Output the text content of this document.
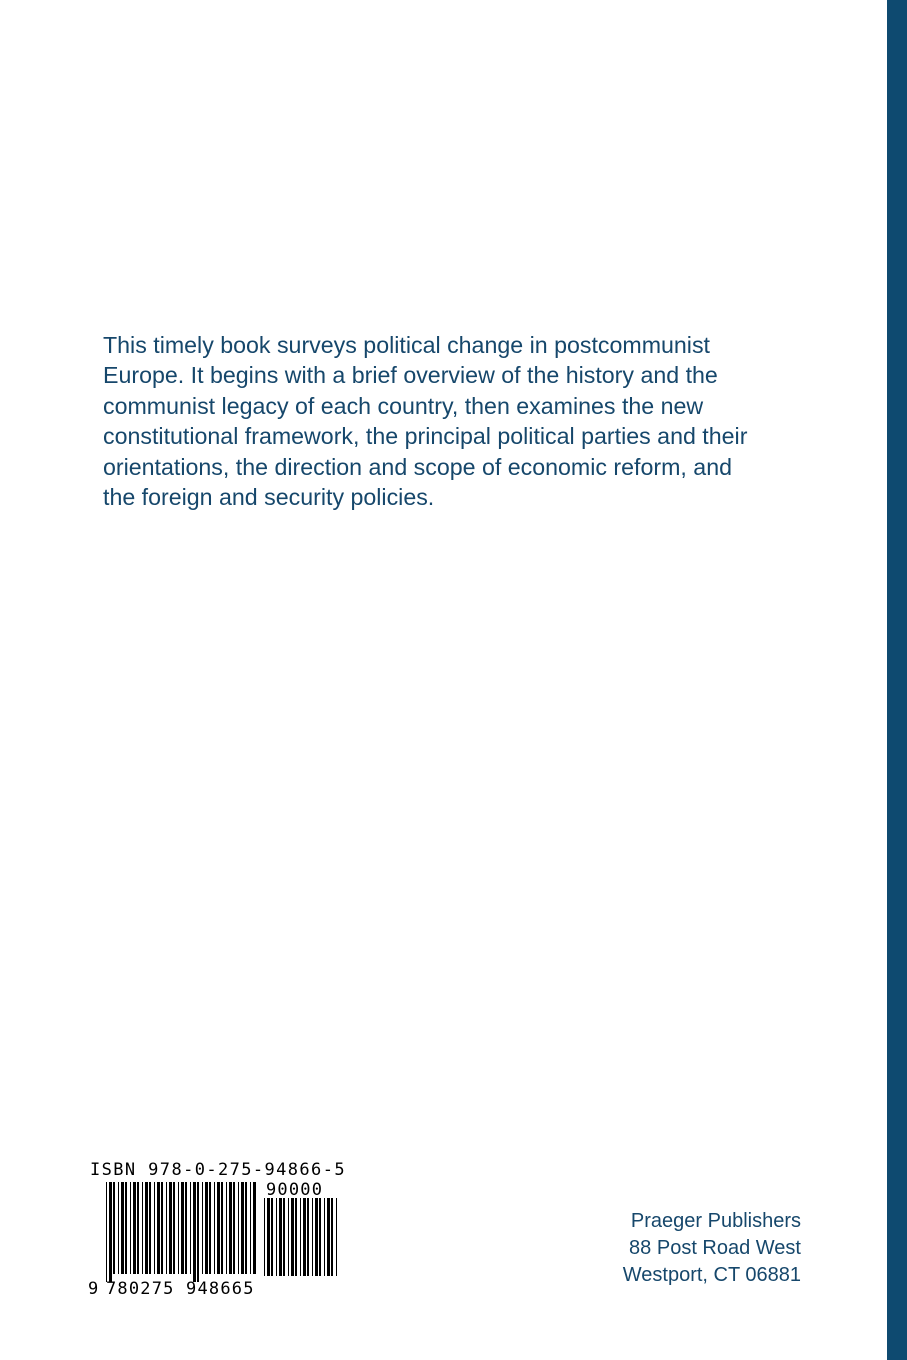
This timely book surveys political change in postcommunist
Europe. It begins with a brief overview of the history and the
communist legacy of each country, then examines the new
constitutional framework, the principal political parties and their
orientations, the direction and scope of economic reform, and
the foreign and security policies.
ISBN 978-0-275-94866-5
90000
9 780275 948665
Praeger Publishers
88 Post Road West
Westport, CT 06881
